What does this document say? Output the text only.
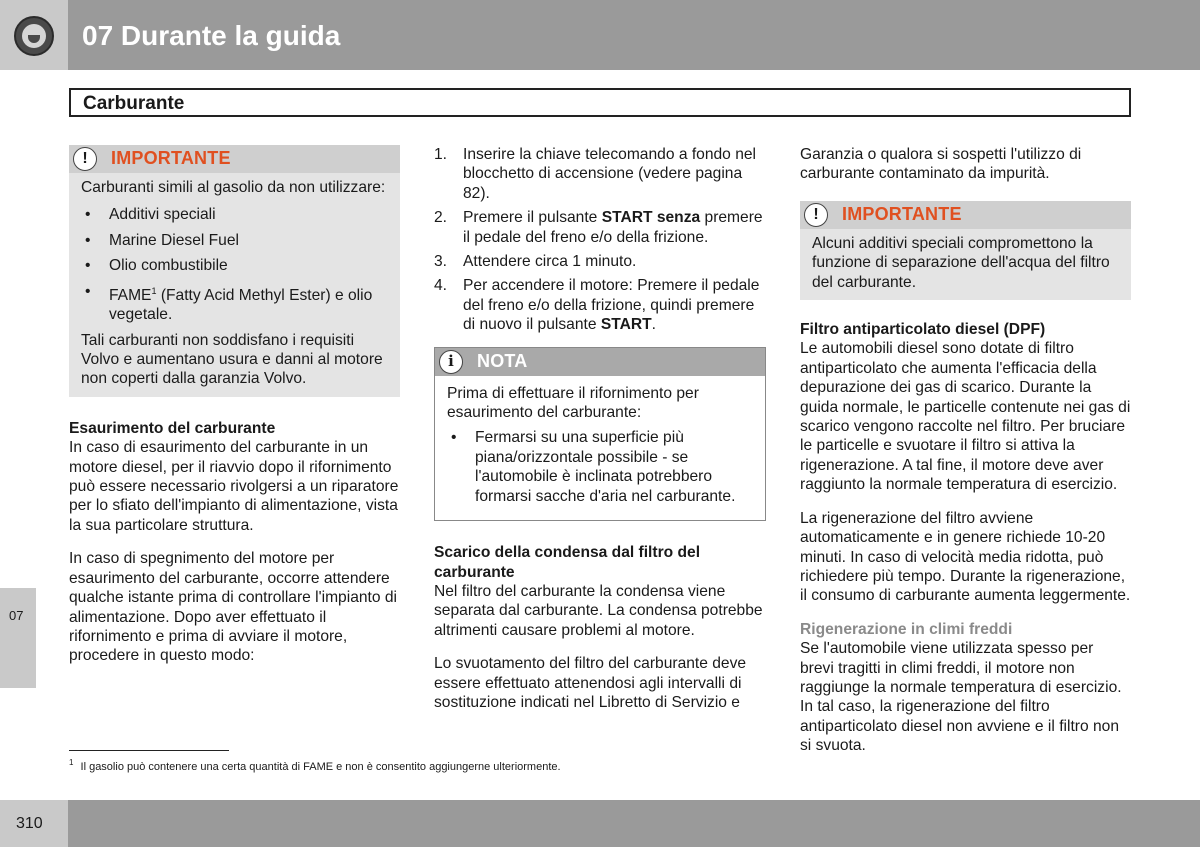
07 Durante la guida
Carburante
!	IMPORTANTE
Carburanti simili al gasolio da non utilizzare:
• Additivi speciali
• Marine Diesel Fuel
• Olio combustibile
• FAME$^1$ (Fatty Acid Methyl Ester) e olio vegetale.
Tali carburanti non soddisfano i requisiti Volvo e aumentano usura e danni al motore non coperti dalla garanzia Volvo.
Esaurimento del carburante

In caso di esaurimento del carburante in un motore diesel, per il riavvio dopo il rifornimento può essere necessario rivolgersi a un riparatore per lo sfiato dell'impianto di alimentazione, vista la sua particolare struttura.

In caso di spegnimento del motore per esaurimento del carburante, occorre attendere qualche istante prima di controllare l'impianto di alimentazione. Dopo aver effettuato il rifornimento e prima di avviare il motore, procedere in questo modo:

1. Inserire la chiave telecomando a fondo nel blocchetto di accensione (vedere pagina 82).
2. Premere il pulsante START senza premere il pedale del freno e/o della frizione.
3. Attendere circa 1 minuto.
4. Per accendere il motore: Premere il pedale del freno e/o della frizione, quindi premere di nuovo il pulsante START.
i	NOTA
Prima di effettuare il rifornimento per esaurimento del carburante:
• Fermarsi su una superficie più piana/orizzontale possibile - se l'automobile è inclinata potrebbero formarsi sacche d'aria nel carburante.
Scarico della condensa dal filtro del carburante

Nel filtro del carburante la condensa viene separata dal carburante. La condensa potrebbe altrimenti causare problemi al motore.

Lo svuotamento del filtro del carburante deve essere effettuato attenendosi agli intervalli di sostituzione indicati nel Libretto di Servizio e

Garanzia o qualora si sospetti l'utilizzo di carburante contaminato da impurità.

!	IMPORTANTE
Alcuni additivi speciali compromettono la funzione di separazione dell'acqua del filtro del carburante.
Filtro antiparticolato diesel (DPF)

Le automobili diesel sono dotate di filtro antiparticolato che aumenta l'efficacia della depurazione dei gas di scarico. Durante la guida normale, le particelle contenute nei gas di scarico vengono raccolte nel filtro. Per bruciare le particelle e svuotare il filtro si attiva la rigenerazione. A tal fine, il motore deve aver raggiunto la normale temperatura di esercizio.

La rigenerazione del filtro avviene automaticamente e in genere richiede 10-20 minuti. In caso di velocità media ridotta, può richiedere più tempo. Durante la rigenerazione, il consumo di carburante aumenta leggermente.

Rigenerazione in climi freddi

Se l'automobile viene utilizzata spesso per brevi tragitti in climi freddi, il motore non raggiunge la normale temperatura di esercizio. In tal caso, la rigenerazione del filtro antiparticolato diesel non avviene e il filtro non si svuota.

07
$^1$ Il gasolio può contenere una certa quantità di FAME e non è consentito aggiungerne ulteriormente.
310
